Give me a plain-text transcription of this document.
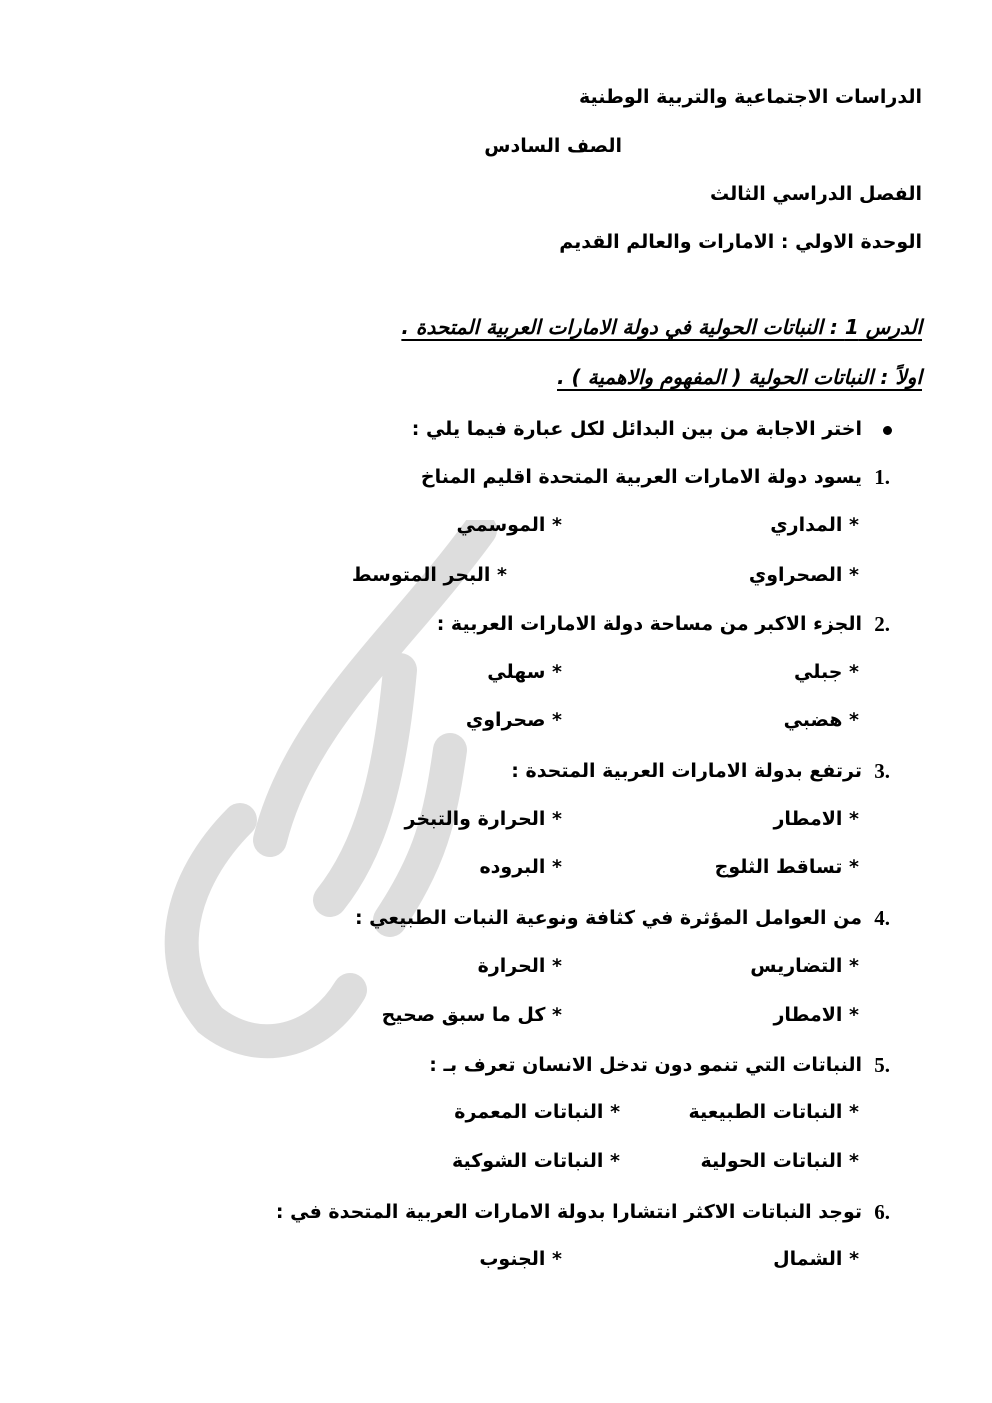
الدراسات الاجتماعية والتربية الوطنية
الصف السادس
الفصل الدراسي الثالث
الوحدة الاولي : الامارات والعالم القديم
الدرس 1 : النباتات الحولية في دولة الامارات العربية المتحدة .
اولاً : النباتات الحولية ( المفهوم والاهمية ) .
اختر الاجابة من بين البدائل لكل عبارة فيما يلي :
1.
يسود دولة الامارات العربية المتحدة اقليم المناخ
* المداري
* الموسمي
* الصحراوي
* البحر المتوسط
2.
الجزء الاكبر من مساحة دولة الامارات العربية :
* جبلي
* سهلي
* هضبي
* صحراوي
3.
ترتفع بدولة الامارات العربية المتحدة :
* الامطار
* الحرارة والتبخر
* تساقط الثلوج
* البروده
4.
من العوامل المؤثرة في كثافة ونوعية النبات الطبيعي :
* التضاريس
* الحرارة
* الامطار
* كل ما سبق صحيح
5.
النباتات التي تنمو دون تدخل الانسان تعرف بـ :
* النباتات الطبيعية
* النباتات المعمرة
* النباتات الحولية
* النباتات الشوكية
6.
توجد النباتات الاكثر انتشارا بدولة الامارات العربية المتحدة في :
* الشمال
* الجنوب
